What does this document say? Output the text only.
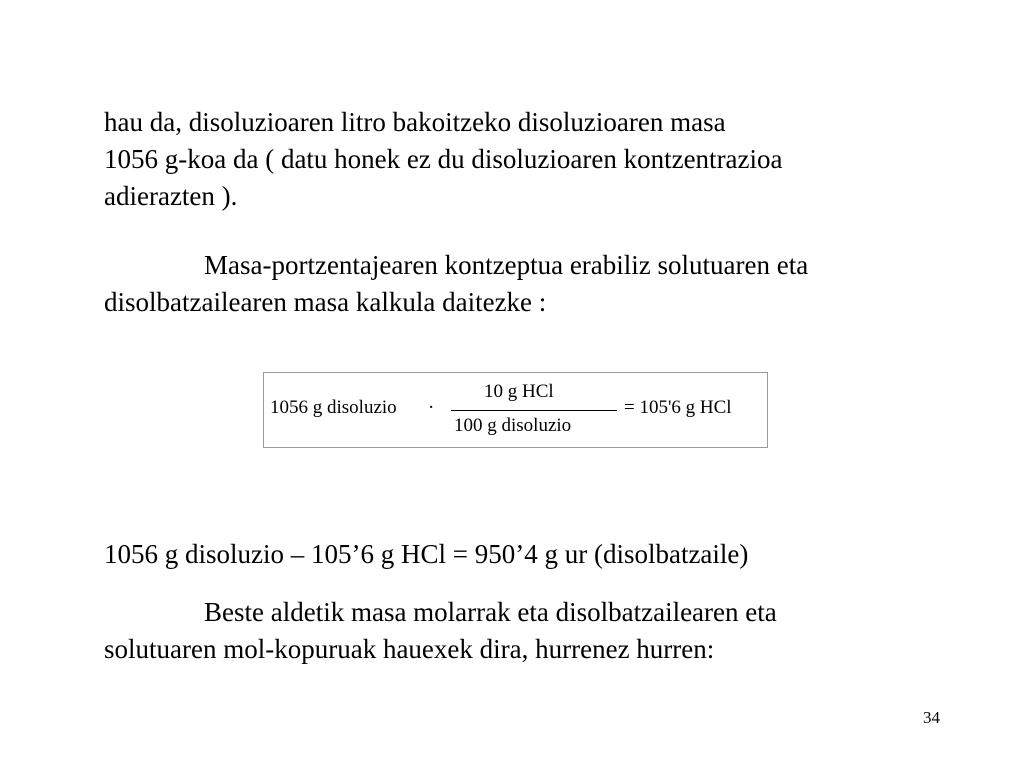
hau da, disoluzioaren litro bakoitzeko disoluzioaren masa
1056 g-koa da ( datu honek ez du disoluzioaren kontzentrazioa
adierazten ).
Masa-portzentajearen kontzeptua erabiliz solutuaren eta
disolbatzailearen masa kalkula daitezke :
1056 g disoluzio ·
10 g HCl
100 g disoluzio
= 105'6 g HCl
1056 g disoluzio – 105’6 g HCl = 950’4 g ur (disolbatzaile)
Beste aldetik masa molarrak eta disolbatzailearen eta
solutuaren mol-kopuruak hauexek dira, hurrenez hurren:
34
